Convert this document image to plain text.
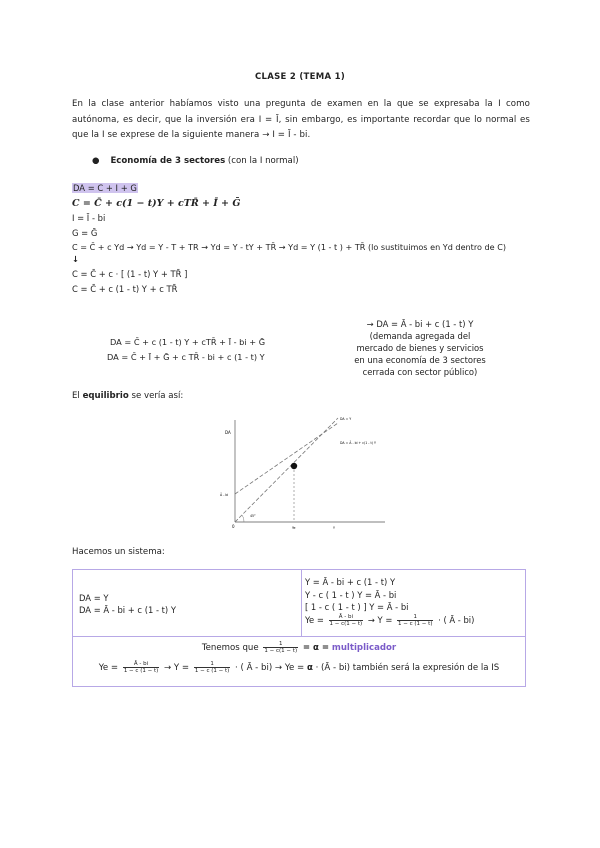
CLASE 2 (TEMA 1)
En la clase anterior habíamos visto una pregunta de examen en la que se expresaba la I como autónoma, es decir, que la inversión era I = Ī, sin embargo, es importante recordar que lo normal es que la I se exprese de la siguiente manera → I = Ī - bi.
● Economía de 3 sectores (con la I normal)
DA = C + I + G
C = C̄ + c(1 − t)Y + cTR̄ + Ī + Ḡ
I = Ī - bi
G = Ḡ
C = C̄ + c Yd → Yd = Y - T + TR → Yd = Y - tY + TR̄ → Yd = Y (1 - t ) + TR̄ (lo sustituimos en Yd dentro de C)
↓
C = C̄ + c · [ (1 - t) Y + TR̄ ]
C = C̄ + c (1 - t) Y + c TR̄
DA = C̄ + c (1 - t) Y + cTR̄ + Ī - bi + Ḡ
DA = C̄ + Ī + Ḡ + c TR̄ - bi + c (1 - t) Y
→ DA = Ā - bi + c (1 - t) Y
(demanda agregada del
mercado de bienes y servicios
en una economía de 3 sectores
cerrada con sector público)
El equilibrio se vería así:
DA
DA = Y
DA = Ā - bi + c(1 - t) Y
Ā - bi
45°
0	Ye	Y
Hacemos un sistema:
DA = Y
DA = Ā - bi + c (1 - t) Y
Y = Ā - bi + c (1 - t) Y
Y - c ( 1 - t ) Y = Ā - bi
[ 1 - c ( 1 - t ) ] Y = Ā - bi
$Ye = \frac{Ā - bi}{1 - c(1 - t)} \to Y = \frac{1}{1 - c (1 - t)}$ · ( Ā - bi)
Tenemos que $\frac{1}{1 - c(1 - t)} = \alpha$ = multiplicador
$Ye = \frac{Ā - bi}{1 - c (1 - t)} \to Y = \frac{1}{1 - c (1 - t)}$ · ( Ā - bi) → Ye = α · (Ā - bi) también será la expresión de la IS
